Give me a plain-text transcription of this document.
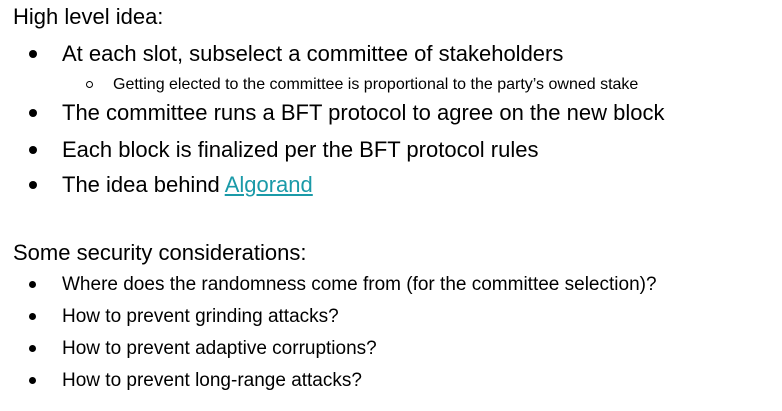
High level idea:
At each slot, subselect a committee of stakeholders
Getting elected to the committee is proportional to the party’s owned stake
The committee runs a BFT protocol to agree on the new block
Each block is finalized per the BFT protocol rules
The idea behind Algorand
Some security considerations:
Where does the randomness come from (for the committee selection)?
How to prevent grinding attacks?
How to prevent adaptive corruptions?
How to prevent long-range attacks?
